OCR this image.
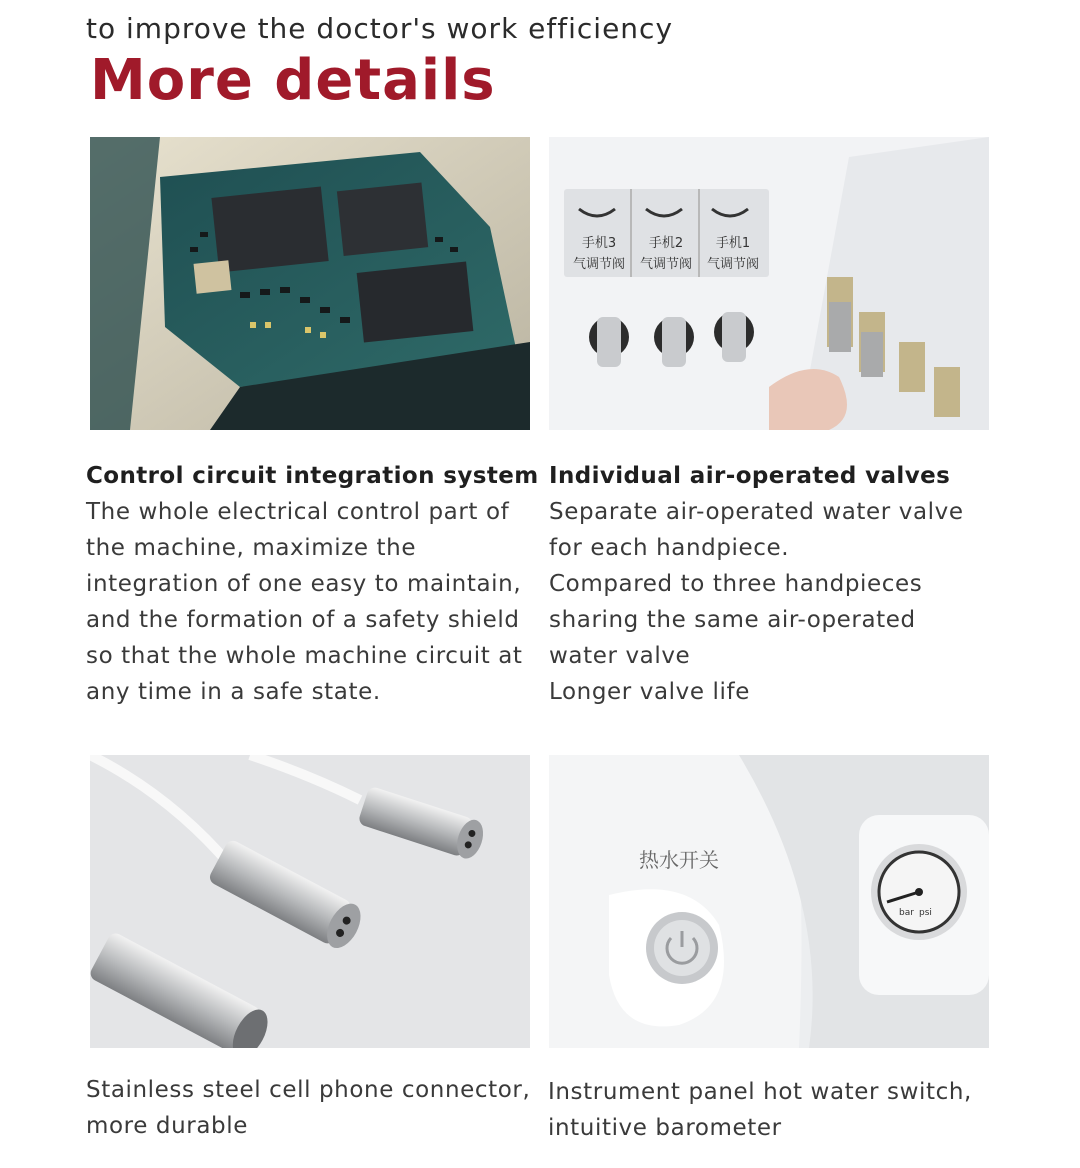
to improve the doctor's work efficiency
More details
手机3
气调节阀
手机2
气调节阀
手机1
气调节阀
Control circuit integration system
The whole electrical control part of
the machine, maximize the
integration of one easy to maintain,
and the formation of a safety shield
so that the whole machine circuit at
any time in a safe state.
Individual air-operated valves
Separate air-operated water valve
for each handpiece.
Compared to three handpieces
sharing the same air-operated
water valve
Longer valve life
热水开关
bar psi
Stainless steel cell phone connector,
more durable
Instrument panel hot water switch,
intuitive barometer
